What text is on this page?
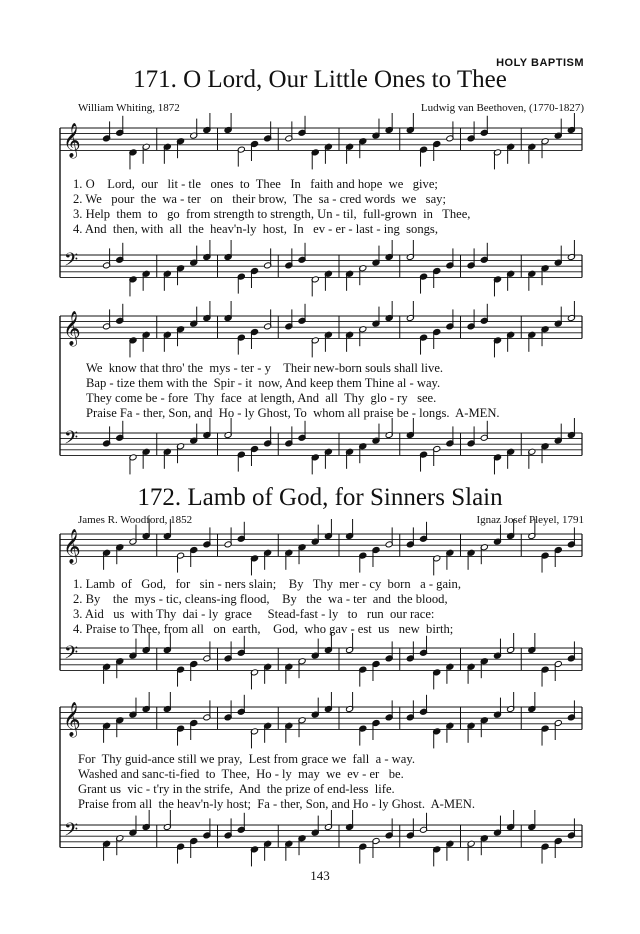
HOLY BAPTISM
171. O Lord, Our Little Ones to Thee
William Whiting, 1872	Ludwig van Beethoven, (1770-1827)
1. O    Lord,  our   lit - tle   ones  to  Thee   In   faith and hope  we   give;
2. We   pour  the  wa - ter   on   their brow,  The  sa - cred words  we   say;
3. Help  them  to   go  from strength to strength, Un - til,  full-grown  in   Thee,
4. And  then, with  all  the  heav'n-ly  host,  In   ev - er - last - ing  songs,
We  know that thro' the  mys - ter - y    Their new-born souls shall live.
Bap - tize them with the  Spir - it  now, And keep them Thine al - way.
They come be - fore  Thy  face  at length, And  all  Thy  glo - ry   see.
Praise Fa - ther, Son, and  Ho - ly Ghost, To  whom all praise be - longs.  A-MEN.
172. Lamb of God, for Sinners Slain
James R. Woodford, 1852	Ignaz Josef Pleyel, 1791
1. Lamb  of   God,   for   sin - ners slain;    By   Thy  mer - cy  born   a - gain,
2. By    the  mys - tic, cleans-ing flood,    By   the  wa - ter  and  the blood,
3. Aid   us  with Thy  dai - ly  grace     Stead-fast - ly   to   run  our race:
4. Praise to Thee, from all   on  earth,    God,  who gav - est  us   new  birth;
For  Thy guid-ance still we pray,  Lest from grace we  fall  a - way.
Washed and sanc-ti-fied  to  Thee,  Ho - ly  may  we  ev - er   be.
Grant us  vic - t'ry in the strife,  And  the prize of end-less  life.
Praise from all  the heav'n-ly host;  Fa - ther, Son, and Ho - ly Ghost.  A-MEN.
143
𝄞
𝄢
𝄞
𝄢
𝄞
𝄢
𝄞
𝄢
